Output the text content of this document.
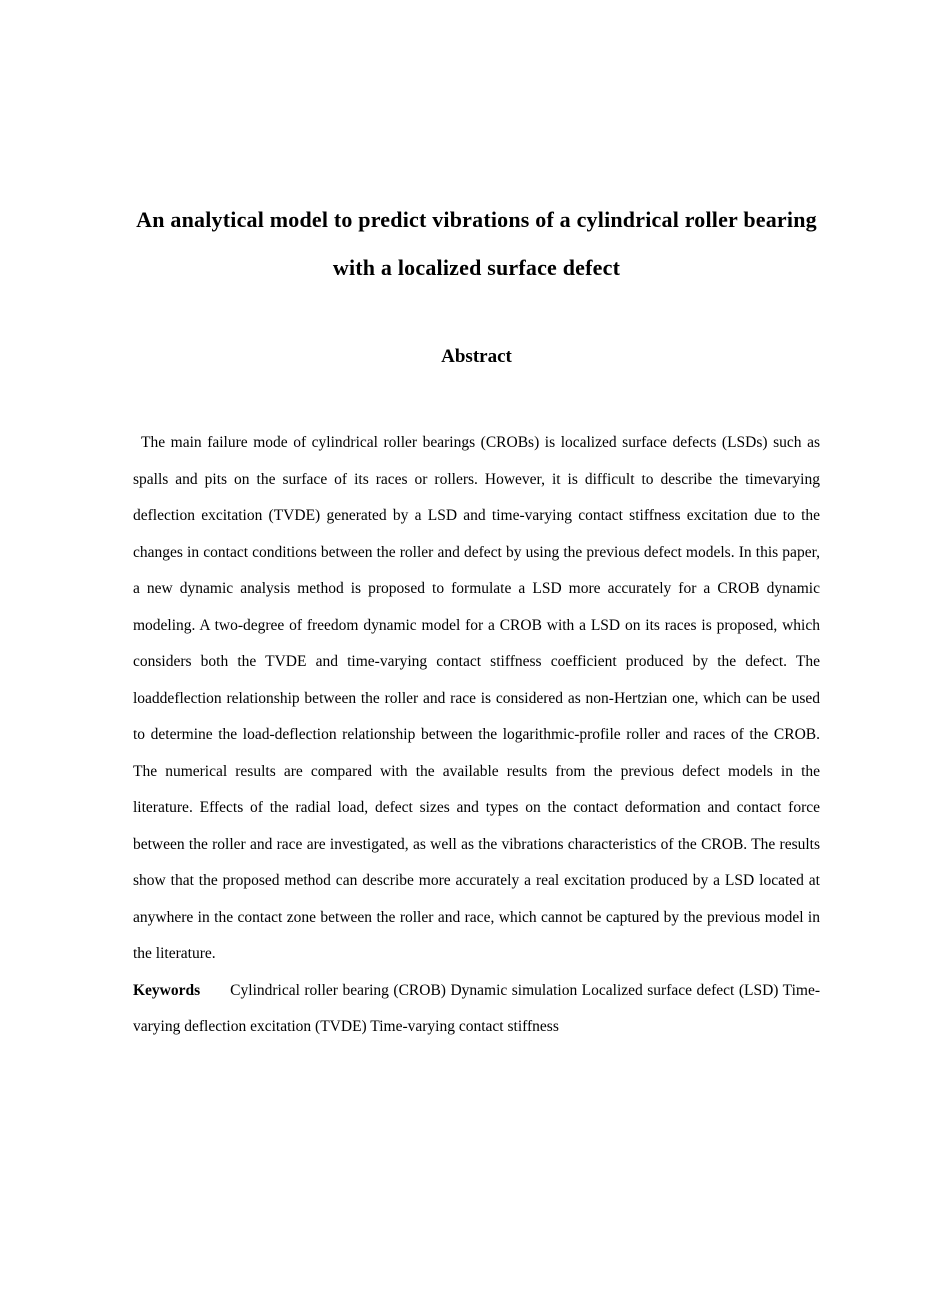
An analytical model to predict vibrations of a cylindrical roller bearing with a localized surface defect
Abstract

The main failure mode of cylindrical roller bearings (CROBs) is localized surface defects (LSDs) such as spalls and pits on the surface of its races or rollers. However, it is difficult to describe the timevarying deflection excitation (TVDE) generated by a LSD and time-varying contact stiffness excitation due to the changes in contact conditions between the roller and defect by using the previous defect models. In this paper, a new dynamic analysis method is proposed to formulate a LSD more accurately for a CROB dynamic modeling. A two-degree of freedom dynamic model for a CROB with a LSD on its races is proposed, which considers both the TVDE and time-varying contact stiffness coefficient produced by the defect. The loaddeflection relationship between the roller and race is considered as non-Hertzian one, which can be used to determine the load-deflection relationship between the logarithmic-profile roller and races of the CROB. The numerical results are compared with the available results from the previous defect models in the literature. Effects of the radial load, defect sizes and types on the contact deformation and contact force between the roller and race are investigated, as well as the vibrations characteristics of the CROB. The results show that the proposed method can describe more accurately a real excitation produced by a LSD located at anywhere in the contact zone between the roller and race, which cannot be captured by the previous model in the literature.

Keywords Cylindrical roller bearing (CROB) Dynamic simulation Localized surface defect (LSD) Time-varying deflection excitation (TVDE) Time-varying contact stiffness
